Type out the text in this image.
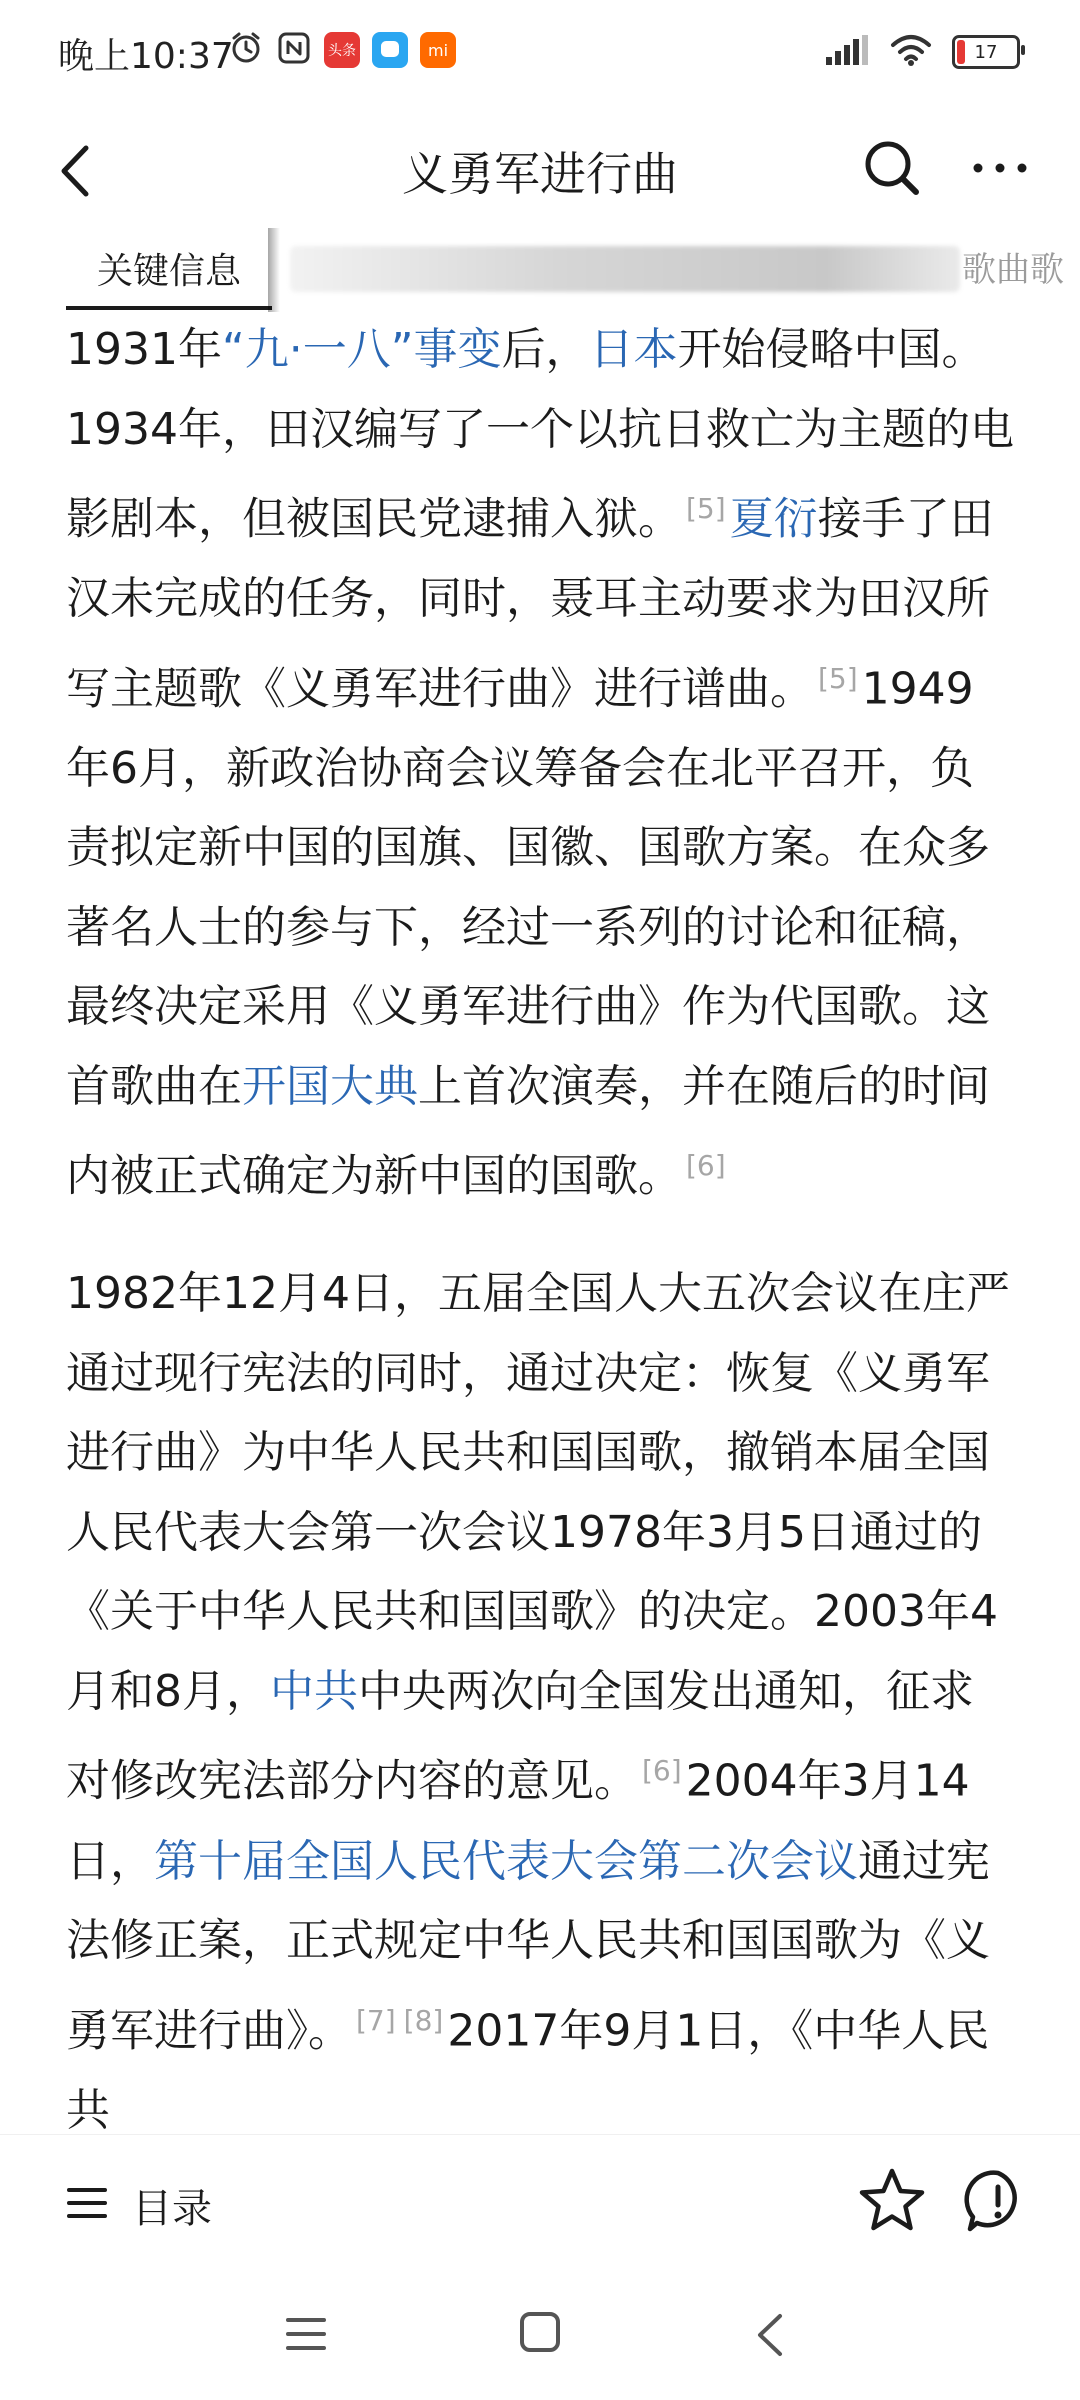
晚上10:37	头条	mi	17
义勇军进行曲
关键信息	歌曲歌

1931年“九·一八”事变后，日本开始侵略中国。1934年，田汉编写了一个以抗日救亡为主题的电影剧本，但被国民党逮捕入狱。 [5]夏衍接手了田汉未完成的任务，同时，聂耳主动要求为田汉所写主题歌《义勇军进行曲》进行谱曲。 [5]1949年6月，新政治协商会议筹备会在北平召开，负责拟定新中国的国旗、国徽、国歌方案。在众多著名人士的参与下，经过一系列的讨论和征稿，最终决定采用《义勇军进行曲》作为代国歌。这首歌曲在开国大典上首次演奏，并在随后的时间内被正式确定为新中国的国歌。 [6]

1982年12月4日，五届全国人大五次会议在庄严通过现行宪法的同时，通过决定：恢复《义勇军进行曲》为中华人民共和国国歌，撤销本届全国人民代表大会第一次会议1978年3月5日通过的《关于中华人民共和国国歌》的决定。2003年4月和8月，中共中央两次向全国发出通知，征求对修改宪法部分内容的意见。 [6]2004年3月14日，第十届全国人民代表大会第二次会议通过宪法修正案，正式规定中华人民共和国国歌为《义勇军进行曲》。 [7] [8]2017年9月1日，《中华人民共

目录
